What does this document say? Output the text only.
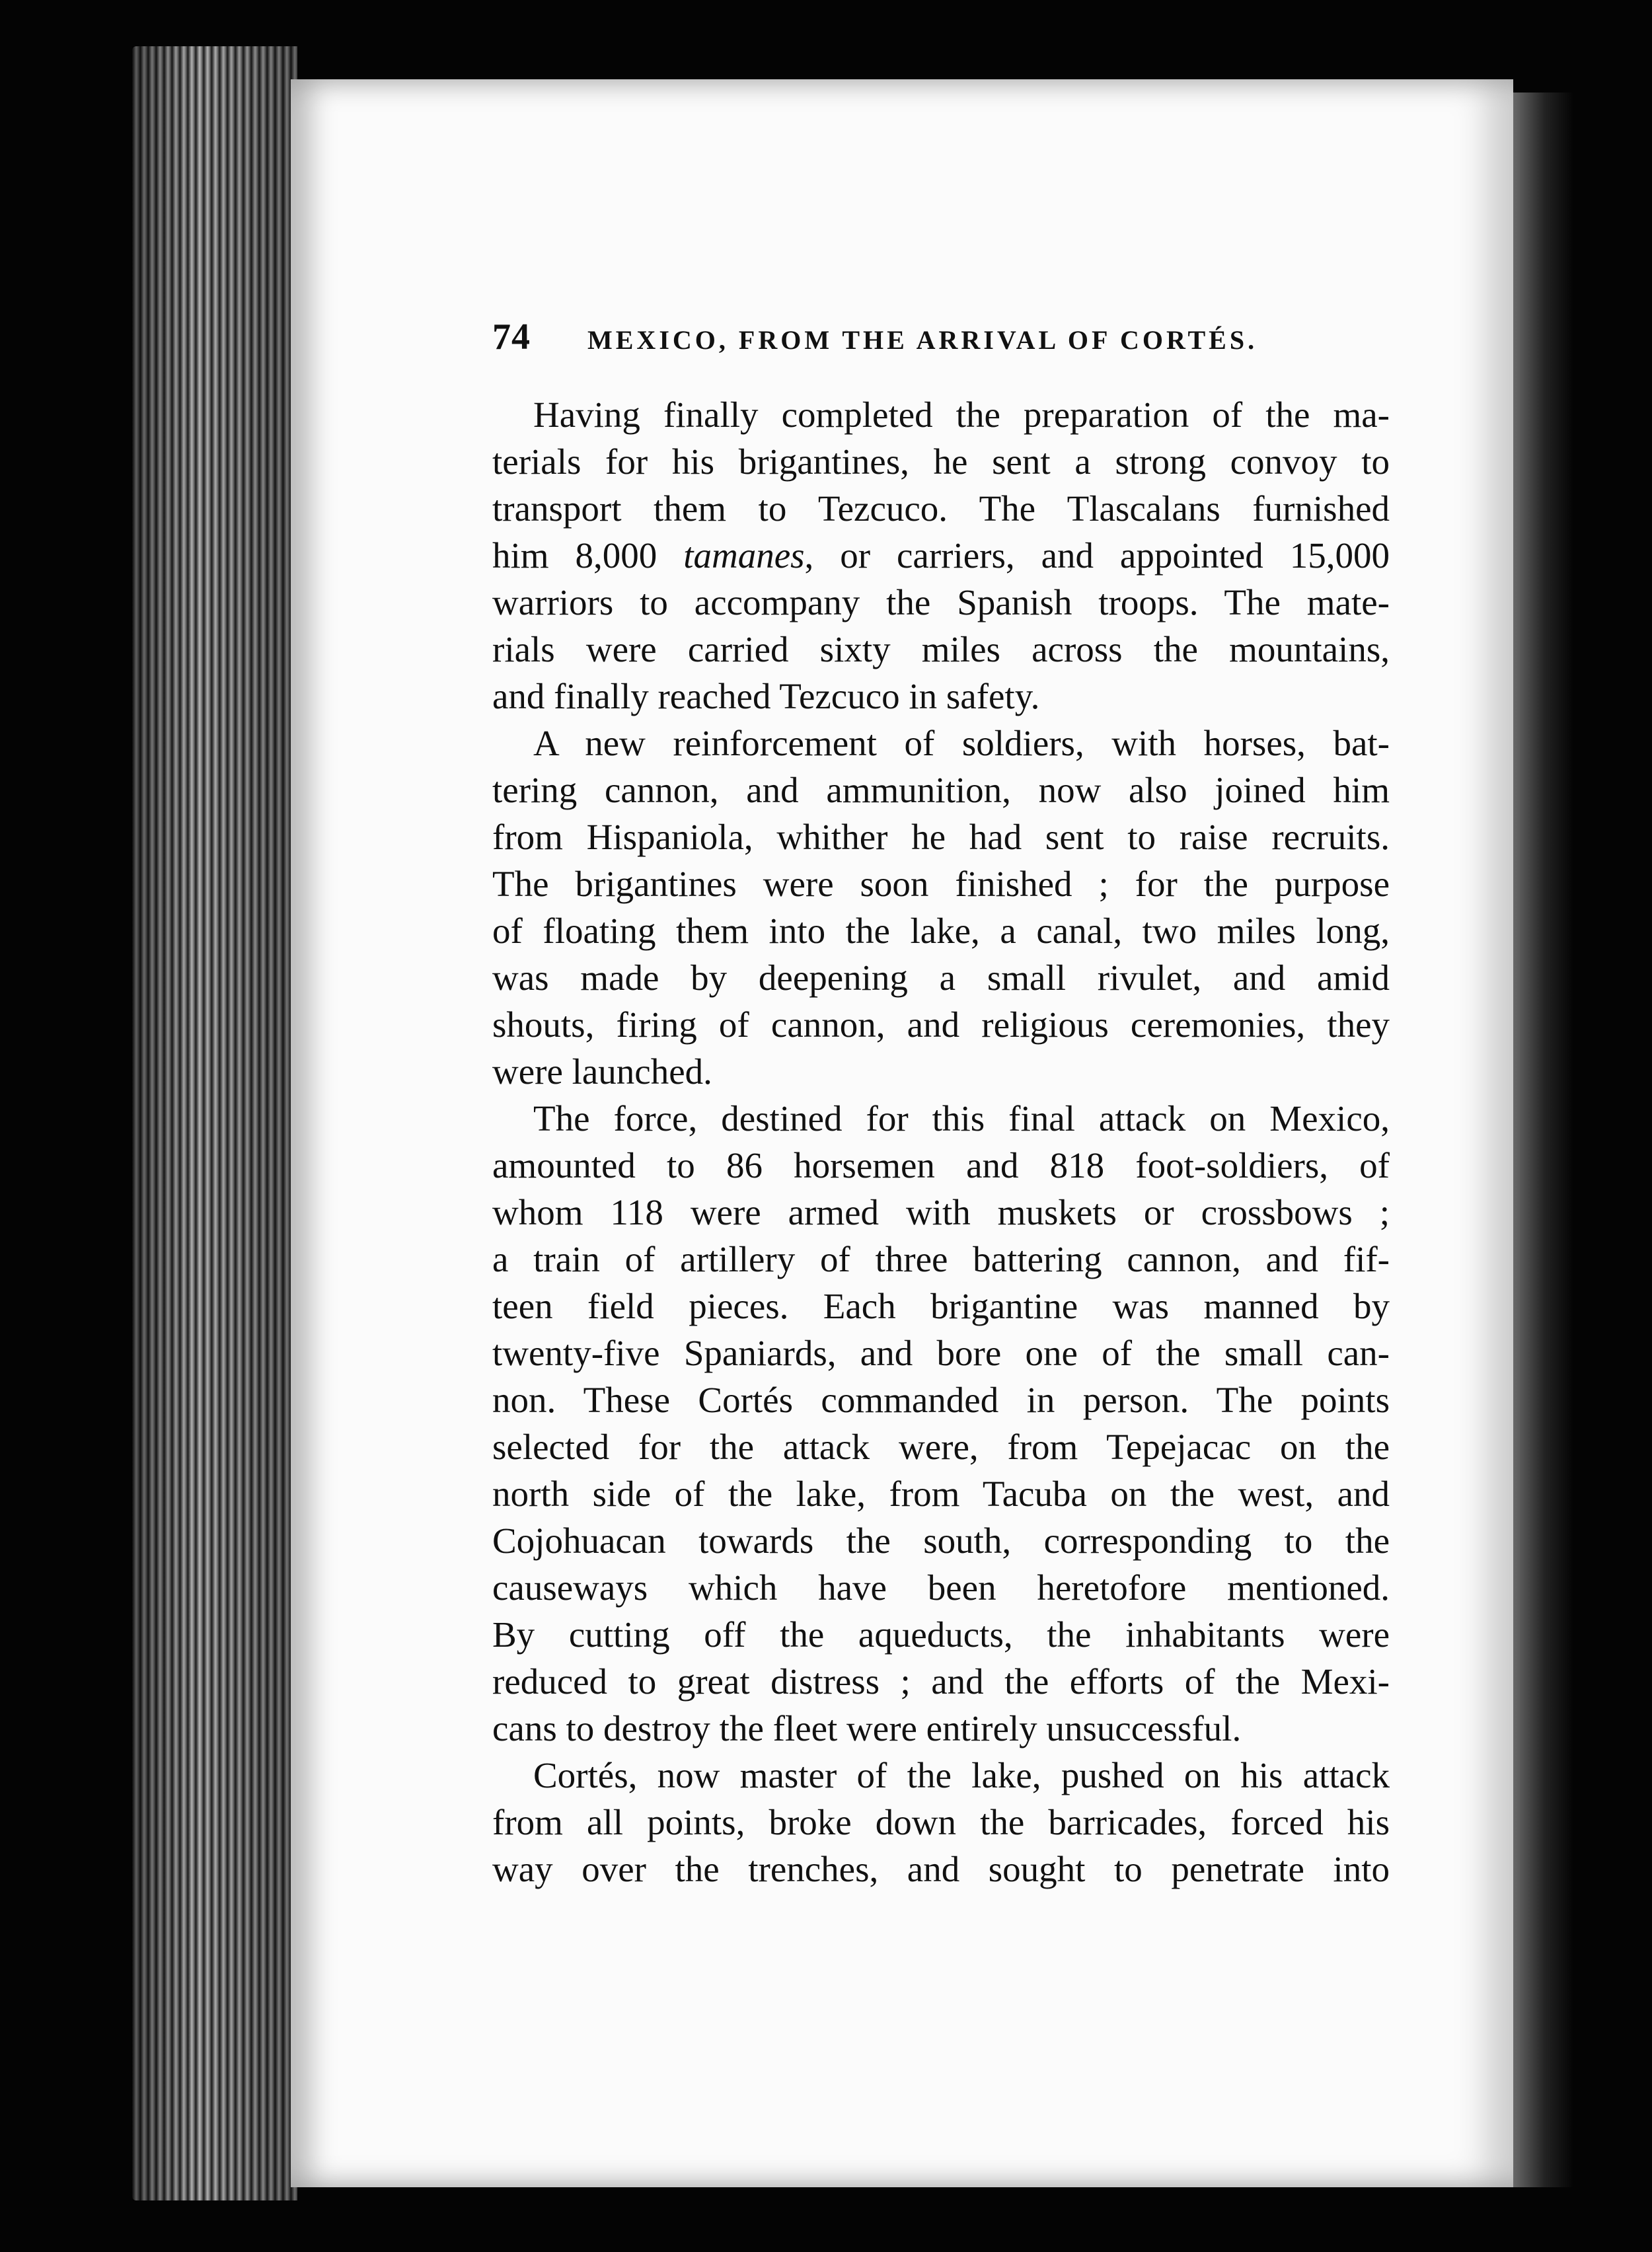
74 MEXICO, FROM THE ARRIVAL OF CORTÉS.

Having finally completed the preparation of the ma-
terials for his brigantines, he sent a strong convoy to
transport them to Tezcuco. The Tlascalans furnished
him 8,000 tamanes, or carriers, and appointed 15,000
warriors to accompany the Spanish troops. The mate-
rials were carried sixty miles across the mountains,
and finally reached Tezcuco in safety.

A new reinforcement of soldiers, with horses, bat-
tering cannon, and ammunition, now also joined him
from Hispaniola, whither he had sent to raise recruits.
The brigantines were soon finished ; for the purpose
of floating them into the lake, a canal, two miles long,
was made by deepening a small rivulet, and amid
shouts, firing of cannon, and religious ceremonies, they
were launched.

The force, destined for this final attack on Mexico,
amounted to 86 horsemen and 818 foot-soldiers, of
whom 118 were armed with muskets or crossbows ;
a train of artillery of three battering cannon, and fif-
teen field pieces. Each brigantine was manned by
twenty-five Spaniards, and bore one of the small can-
non. These Cortés commanded in person. The points
selected for the attack were, from Tepejacac on the
north side of the lake, from Tacuba on the west, and
Cojohuacan towards the south, corresponding to the
causeways which have been heretofore mentioned.
By cutting off the aqueducts, the inhabitants were
reduced to great distress ; and the efforts of the Mexi-
cans to destroy the fleet were entirely unsuccessful.

Cortés, now master of the lake, pushed on his attack
from all points, broke down the barricades, forced his
way over the trenches, and sought to penetrate into
